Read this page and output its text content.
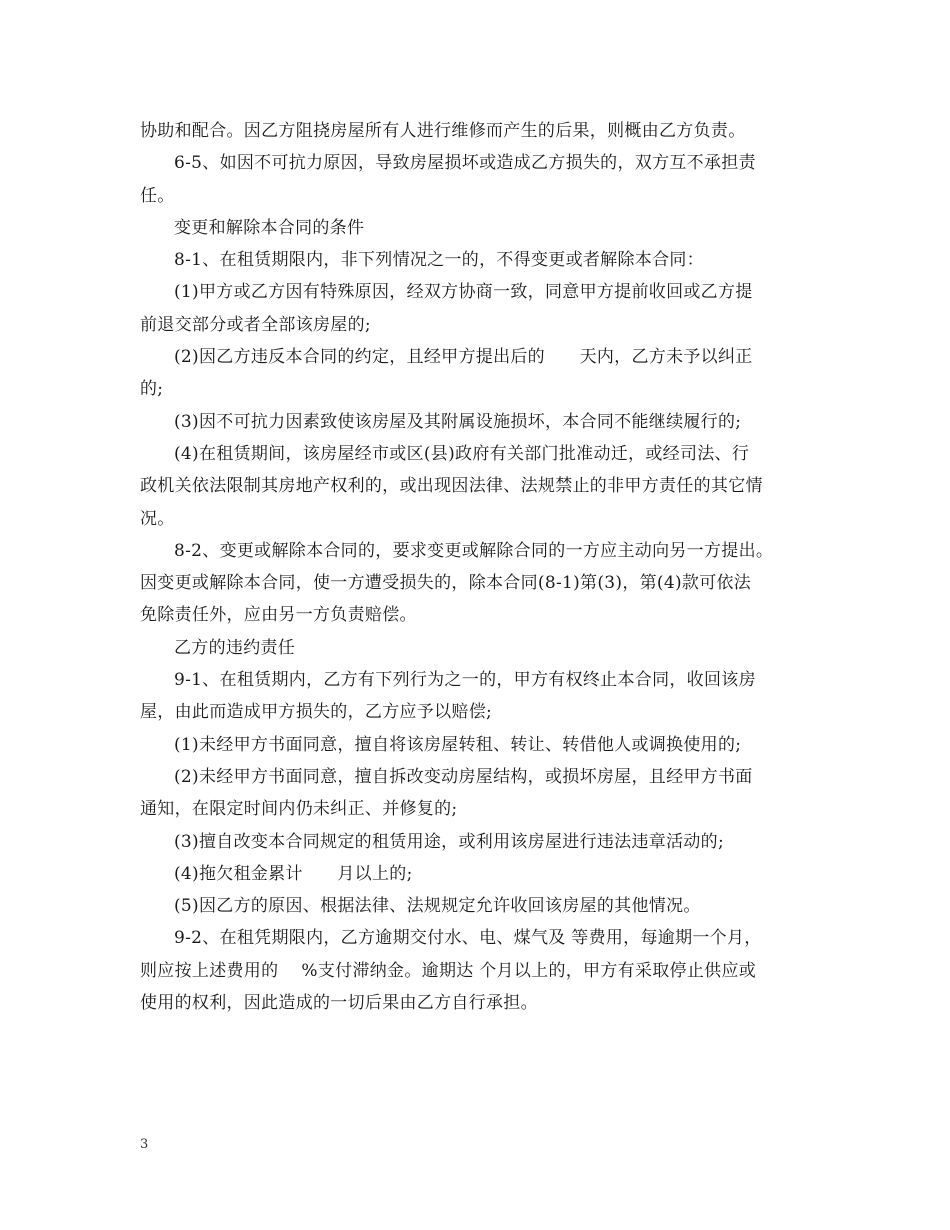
协助和配合。因乙方阻挠房屋所有人进行维修而产生的后果，则概由乙方负责。
6-5、如因不可抗力原因，导致房屋损坏或造成乙方损失的，双方互不承担责
任。
变更和解除本合同的条件
8-1、在租赁期限内，非下列情况之一的，不得变更或者解除本合同：
(1)甲方或乙方因有特殊原因，经双方协商一致，同意甲方提前收回或乙方提
前退交部分或者全部该房屋的;
(2)因乙方违反本合同的约定，且经甲方提出后的　　天内，乙方未予以纠正
的;
(3)因不可抗力因素致使该房屋及其附属设施损坏，本合同不能继续履行的;
(4)在租赁期间，该房屋经市或区(县)政府有关部门批准动迁，或经司法、行
政机关依法限制其房地产权利的，或出现因法律、法规禁止的非甲方责任的其它情
况。
8-2、变更或解除本合同的，要求变更或解除合同的一方应主动向另一方提出。
因变更或解除本合同，使一方遭受损失的，除本合同(8-1)第(3)，第(4)款可依法
免除责任外，应由另一方负责赔偿。
乙方的违约责任
9-1、在租赁期内，乙方有下列行为之一的，甲方有权终止本合同，收回该房
屋，由此而造成甲方损失的，乙方应予以赔偿;
(1)未经甲方书面同意，擅自将该房屋转租、转让、转借他人或调换使用的;
(2)未经甲方书面同意，擅自拆改变动房屋结构，或损坏房屋，且经甲方书面
通知，在限定时间内仍未纠正、并修复的;
(3)擅自改变本合同规定的租赁用途，或利用该房屋进行违法违章活动的;
(4)拖欠租金累计　　月以上的;
(5)因乙方的原因、根据法律、法规规定允许收回该房屋的其他情况。
9-2、在租凭期限内，乙方逾期交付水、电、煤气及 等费用，每逾期一个月，
则应按上述费用的　 %支付滞纳金。逾期达 个月以上的，甲方有采取停止供应或
使用的权利，因此造成的一切后果由乙方自行承担。
3
